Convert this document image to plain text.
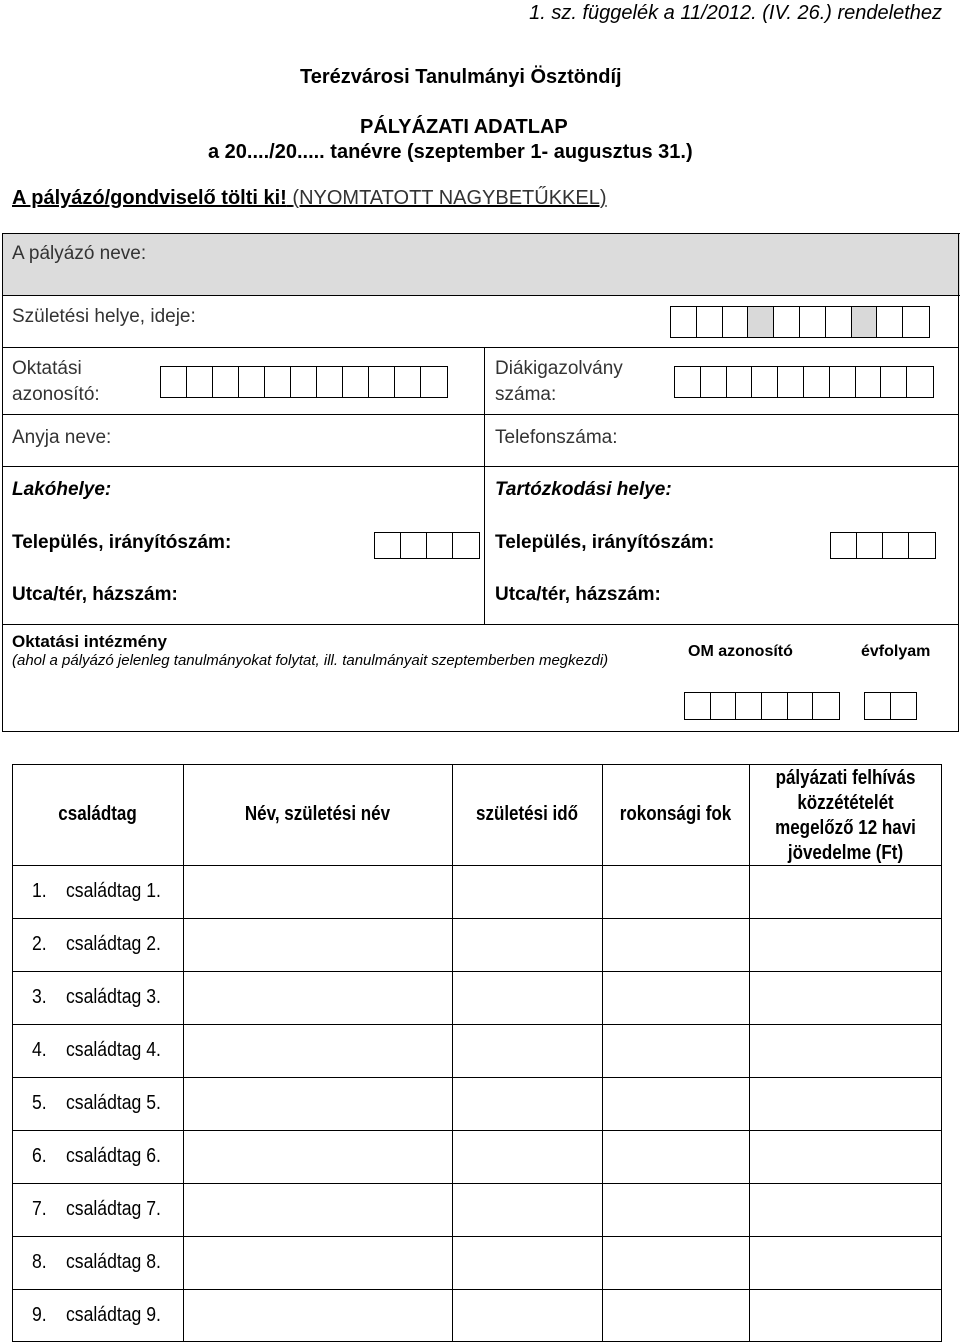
1. sz. függelék a 11/2012. (IV. 26.) rendelethez
Terézvárosi Tanulmányi Ösztöndíj
PÁLYÁZATI ADATLAP
a 20..../20..... tanévre (szeptember 1- augusztus 31.)
A pályázó/gondviselő tölti ki! (NYOMTATOTT NAGYBETŰKKEL)
A pályázó neve:
Születési helye, ideje:
Oktatási
azonosító:
Diákigazolvány
száma:
Anyja neve:	Telefonszáma:
Lakóhelye:	Tartózkodási helye:
Település, irányítószám:	Település, irányítószám:
Utca/tér, házszám:	Utca/tér, házszám:
Oktatási intézmény
(ahol a pályázó jelenleg tanulmányokat folytat, ill. tanulmányait szeptemberben megkezdi)
OM azonosító	évfolyam
családtag	Név, születési név	születési idő	rokonsági fok
pályázati felhívás
közzétételét
megelőző 12 havi
jövedelme (Ft)
1. családtag 1.
2. családtag 2.
3. családtag 3.
4. családtag 4.
5. családtag 5.
6. családtag 6.
7. családtag 7.
8. családtag 8.
9. családtag 9.
